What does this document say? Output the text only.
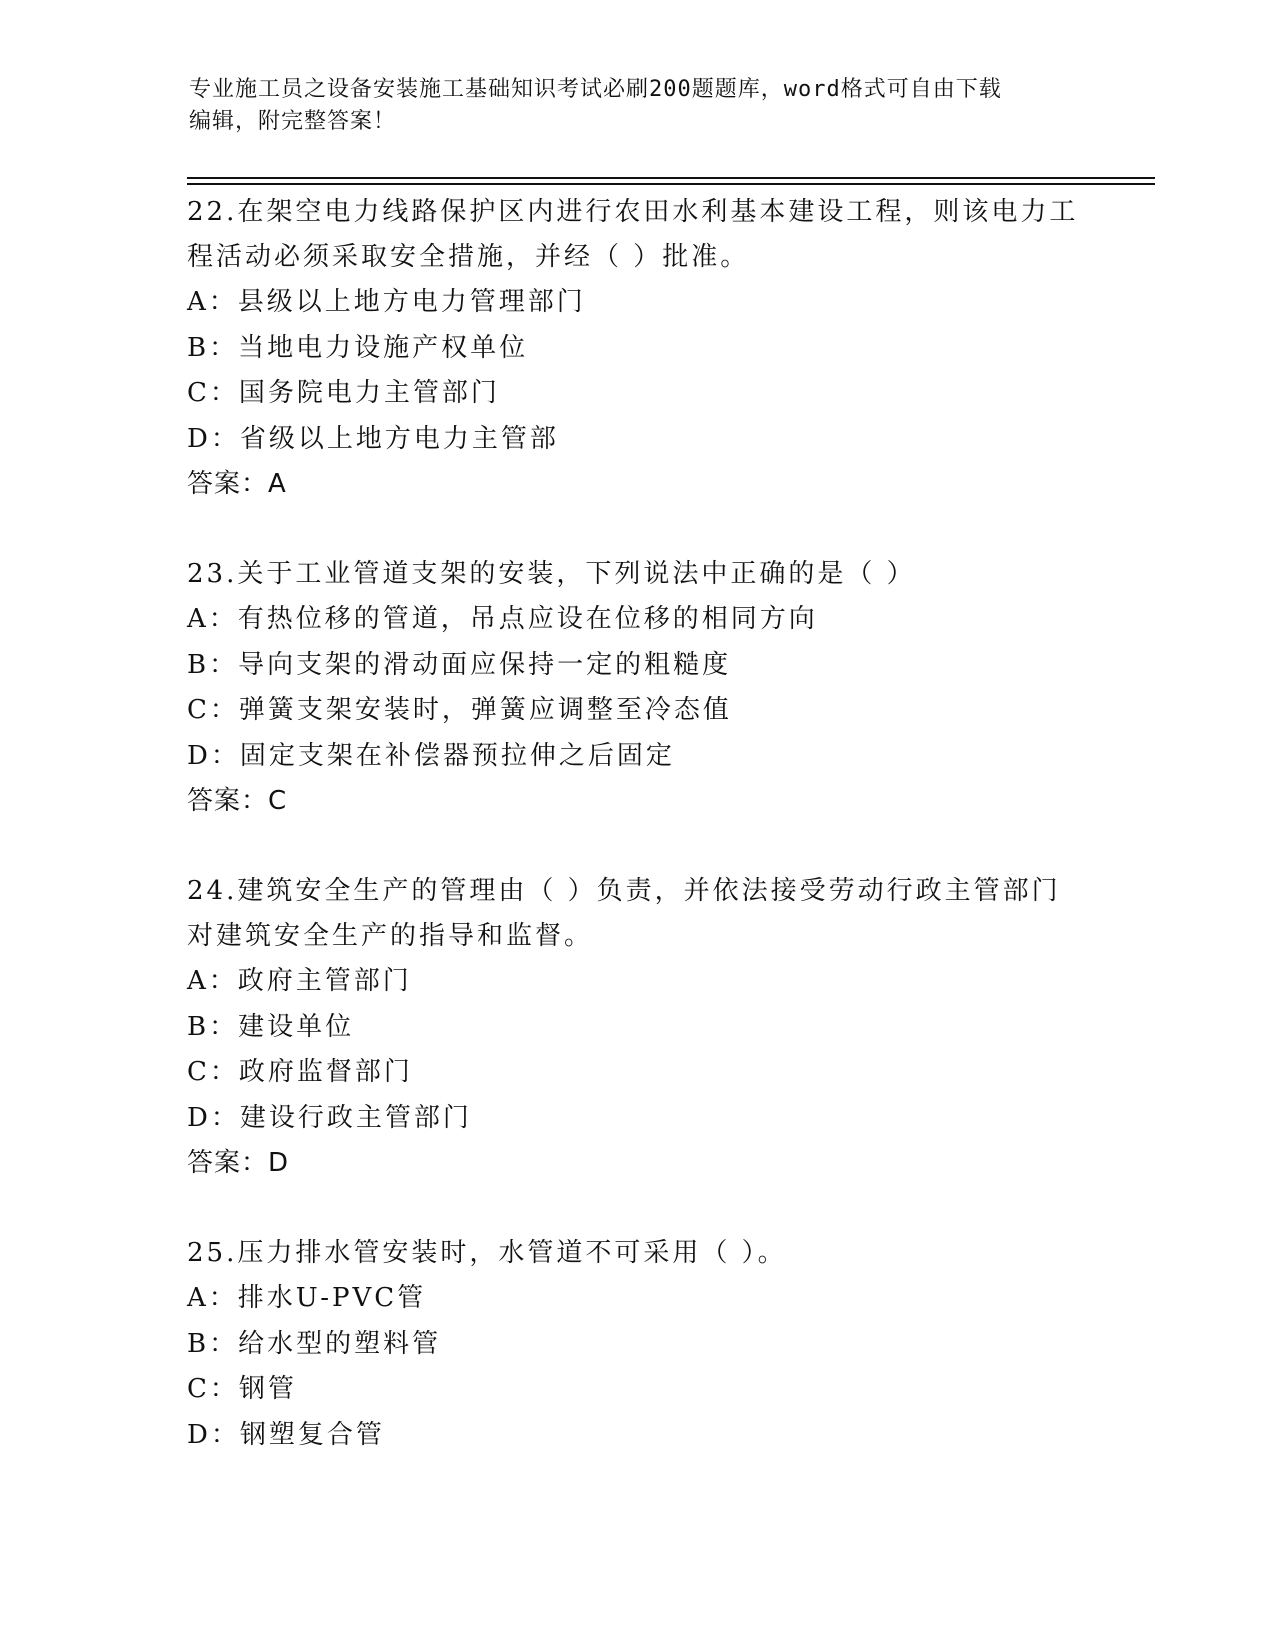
专业施工员之设备安装施工基础知识考试必刷200题题库，word格式可自由下载
编辑，附完整答案！

22.在架空电力线路保护区内进行农田水利基本建设工程，则该电力工

程活动必须采取安全措施，并经（ ）批准。

A：县级以上地方电力管理部门

B：当地电力设施产权单位

C：国务院电力主管部门

D：省级以上地方电力主管部

答案：A

23.关于工业管道支架的安装，下列说法中正确的是（ ）

A：有热位移的管道，吊点应设在位移的相同方向

B：导向支架的滑动面应保持一定的粗糙度

C：弹簧支架安装时，弹簧应调整至冷态值

D：固定支架在补偿器预拉伸之后固定

答案：C

24.建筑安全生产的管理由（ ）负责，并依法接受劳动行政主管部门

对建筑安全生产的指导和监督。

A：政府主管部门

B：建设单位

C：政府监督部门

D：建设行政主管部门

答案：D

25.压力排水管安装时，水管道不可采用（ ）。

A：排水U-PVC管

B：给水型的塑料管

C：钢管

D：钢塑复合管
